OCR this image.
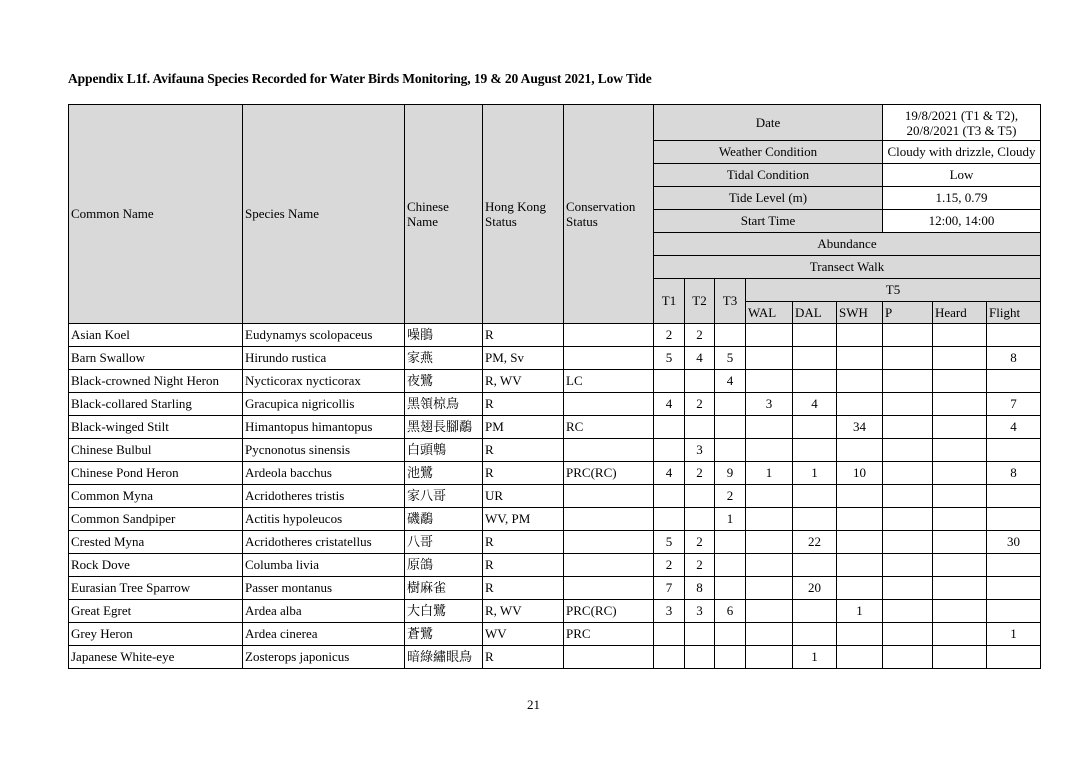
Appendix L1f. Avifauna Species Recorded for Water Birds Monitoring, 19 & 20 August 2021, Low Tide
Common Name	Species Name	Chinese Name	Hong Kong Status	Conservation Status	Date						19/8/2021 (T1 & T2), 20/8/2021 (T3 & T5)		
					Weather Condition						Cloudy with drizzle, Cloudy		
					Tidal Condition						Low		
					Tide Level (m)						1.15, 0.79		
					Start Time						12:00, 14:00		
					Abundance								
					Transect Walk								
					T1	T2	T3	T5					
								WAL	DAL	SWH	P	Heard	Flight
Asian Koel	Eudynamys scolopaceus	噪鵑	R		2	2							
Barn Swallow	Hirundo rustica	家燕	PM, Sv		5	4	5						8
Black-crowned Night Heron	Nycticorax nycticorax	夜鷺	R, WV	LC			4						
Black-collared Starling	Gracupica nigricollis	黑領椋鳥	R		4	2		3	4				7
Black-winged Stilt	Himantopus himantopus	黑翅長腳鷸	PM	RC						34			4
Chinese Bulbul	Pycnonotus sinensis	白頭鵯	R			3							
Chinese Pond Heron	Ardeola bacchus	池鷺	R	PRC(RC)	4	2	9	1	1	10			8
Common Myna	Acridotheres tristis	家八哥	UR				2						
Common Sandpiper	Actitis hypoleucos	磯鷸	WV, PM				1						
Crested Myna	Acridotheres cristatellus	八哥	R		5	2			22				30
Rock Dove	Columba livia	原鴿	R		2	2							
Eurasian Tree Sparrow	Passer montanus	樹麻雀	R		7	8			20				
Great Egret	Ardea alba	大白鷺	R, WV	PRC(RC)	3	3	6			1			
Grey Heron	Ardea cinerea	蒼鷺	WV	PRC									1
Japanese White-eye	Zosterops japonicus	暗綠繡眼鳥	R						1				
21
